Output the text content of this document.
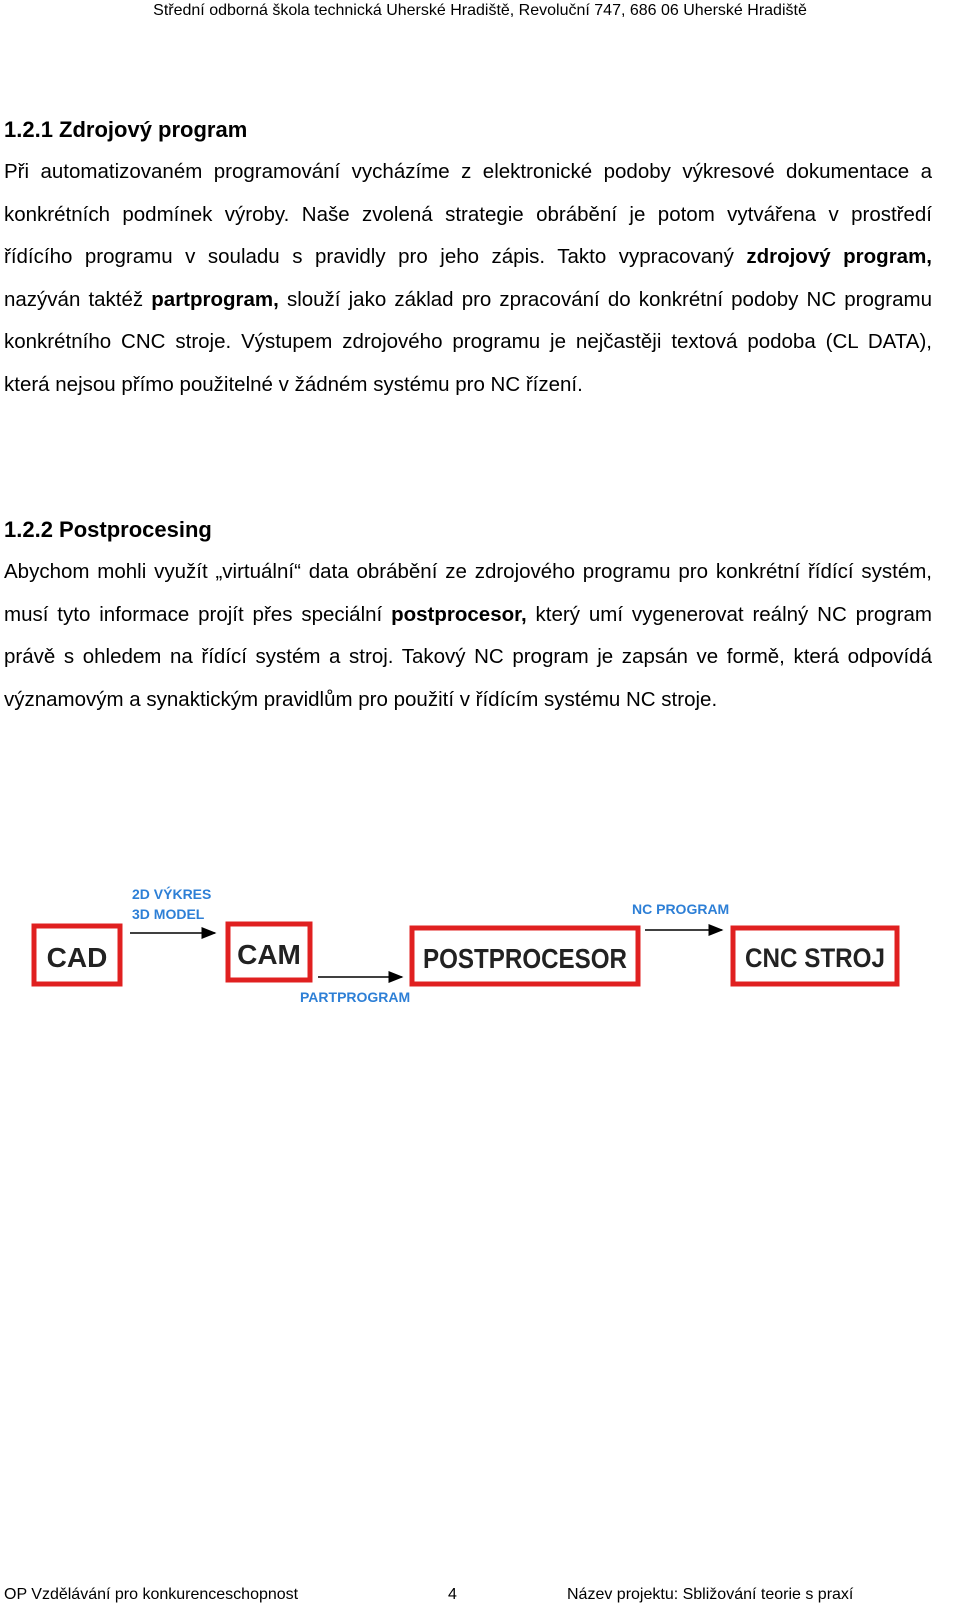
Střední odborná škola technická Uherské Hradiště, Revoluční 747, 686 06 Uherské Hradiště
1.2.1 Zdrojový program
Při automatizovaném programování vycházíme z elektronické podoby výkresové dokumentace a konkrétních podmínek výroby. Naše zvolená strategie obrábění je potom vytvářena v prostředí řídícího programu v souladu s pravidly pro jeho zápis. Takto vypracovaný zdrojový program, nazýván taktéž partprogram, slouží jako základ pro zpracování do konkrétní podoby NC programu konkrétního CNC stroje. Výstupem zdrojového programu je nejčastěji textová podoba (CL DATA), která nejsou přímo použitelné v žádném systému pro NC řízení.
1.2.2 Postprocesing
Abychom mohli využít „virtuální“ data obrábění ze zdrojového programu pro konkrétní řídící systém, musí tyto informace projít přes speciální postprocesor, který umí vygenerovat reálný NC program právě s ohledem na řídící systém a stroj. Takový NC program je zapsán ve formě, která odpovídá významovým a synaktickým pravidlům pro použití v řídícím systému NC stroje.
CAD
2D VÝKRES
3D MODEL
CAM
PARTPROGRAM
POSTPROCESOR
NC PROGRAM
CNC STROJ
OP Vzdělávání pro konkurenceschopnost	4	Název projektu: Sbližování teorie s praxí
